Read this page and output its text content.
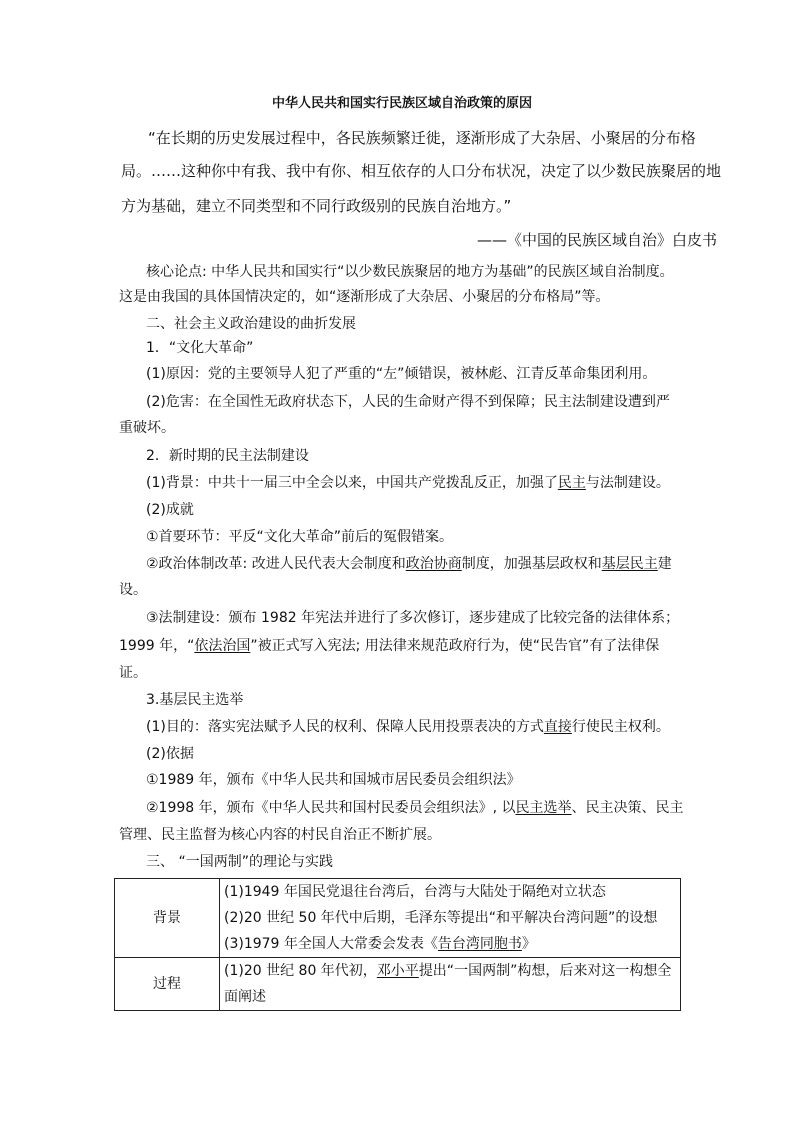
中华人民共和国实行民族区域自治政策的原因
“在长期的历史发展过程中，各民族频繁迁徙，逐渐形成了大杂居、小聚居的分布格
局。……这种你中有我、我中有你、相互依存的人口分布状况，决定了以少数民族聚居的地
方为基础，建立不同类型和不同行政级别的民族自治地方。”
——《中国的民族区域自治》白皮书
核心论点: 中华人民共和国实行“以少数民族聚居的地方为基础”的民族区域自治制度。
这是由我国的具体国情决定的，如“逐渐形成了大杂居、小聚居的分布格局”等。
二、社会主义政治建设的曲折发展
1．“文化大革命”
(1)原因：党的主要领导人犯了严重的“左”倾错误，被林彪、江青反革命集团利用。
(2)危害：在全国性无政府状态下，人民的生命财产得不到保障；民主法制建设遭到严
重破坏。
2．新时期的民主法制建设
(1)背景：中共十一届三中全会以来，中国共产党拨乱反正，加强了民主与法制建设。
(2)成就
①首要环节：平反“文化大革命”前后的冤假错案。
②政治体制改革: 改进人民代表大会制度和政治协商制度，加强基层政权和基层民主建
设。
③法制建设：颁布 1982 年宪法并进行了多次修订，逐步建成了比较完备的法律体系；
1999 年，“依法治国”被正式写入宪法; 用法律来规范政府行为，使“民告官”有了法律保
证。
3.基层民主选举
(1)目的：落实宪法赋予人民的权利、保障人民用投票表决的方式直接行使民主权利。
(2)依据
①1989 年，颁布《中华人民共和国城市居民委员会组织法》
②1998 年，颁布《中华人民共和国村民委员会组织法》, 以民主选举、民主决策、民主
管理、民主监督为核心内容的村民自治正不断扩展。
三、 “一国两制”的理论与实践
背景	(1)1949 年国民党退往台湾后，台湾与大陆处于隔绝对立状态
(2)20 世纪 50 年代中后期，毛泽东等提出“和平解决台湾问题”的设想
(3)1979 年全国人大常委会发表《告台湾同胞书》

过程	(1)20 世纪 80 年代初，邓小平提出“一国两制”构想，后来对这一构想全
面阐述
